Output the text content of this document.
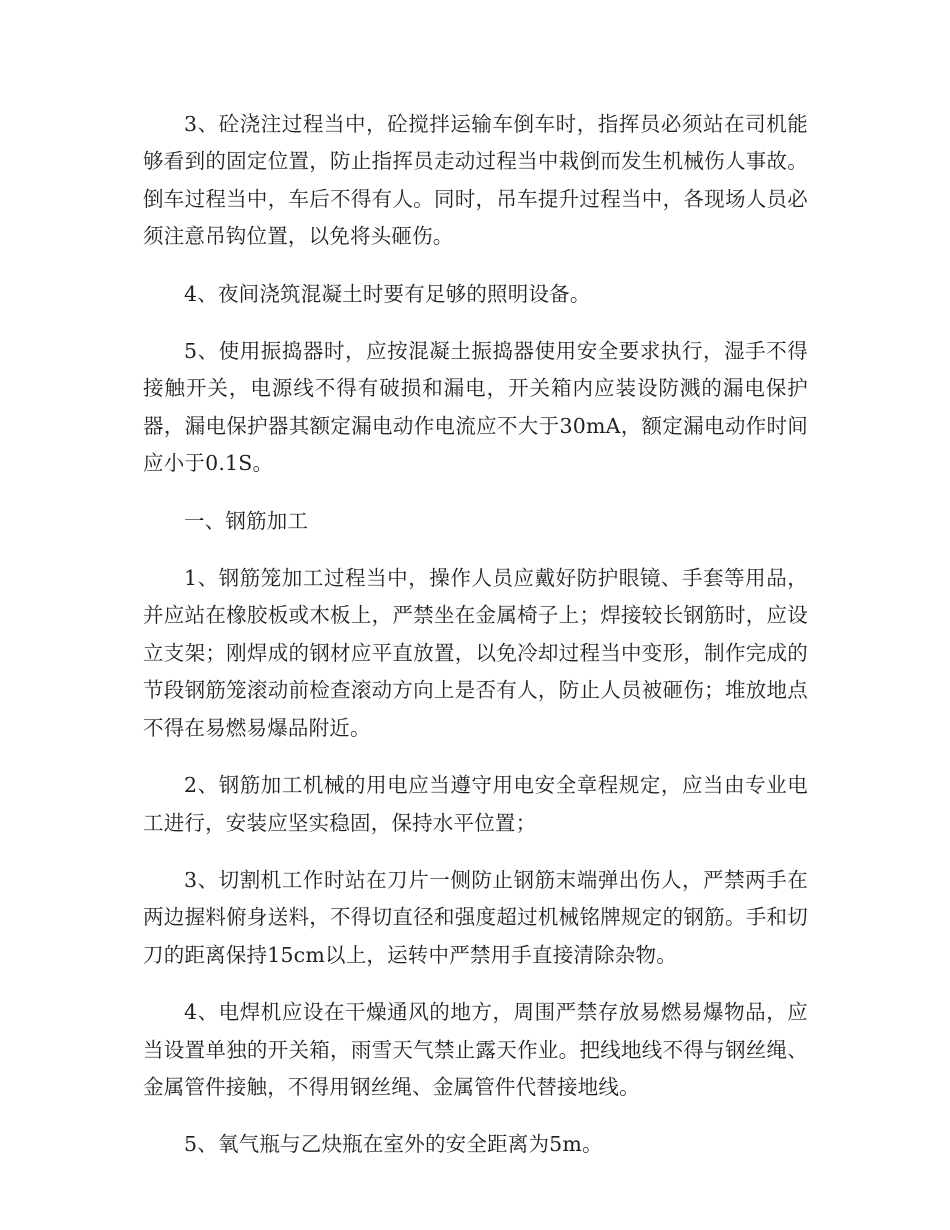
3、砼浇注过程当中，砼搅拌运输车倒车时，指挥员必须站在司机能够看到的固定位置，防止指挥员走动过程当中栽倒而发生机械伤人事故。倒车过程当中，车后不得有人。同时，吊车提升过程当中，各现场人员必须注意吊钩位置，以免将头砸伤。

4、夜间浇筑混凝土时要有足够的照明设备。

5、使用振捣器时，应按混凝土振捣器使用安全要求执行，湿手不得接触开关，电源线不得有破损和漏电，开关箱内应装设防溅的漏电保护器，漏电保护器其额定漏电动作电流应不大于30mA，额定漏电动作时间应小于0.1S。

一、钢筋加工

1、钢筋笼加工过程当中，操作人员应戴好防护眼镜、手套等用品，并应站在橡胶板或木板上，严禁坐在金属椅子上；焊接较长钢筋时，应设立支架；刚焊成的钢材应平直放置，以免冷却过程当中变形，制作完成的节段钢筋笼滚动前检查滚动方向上是否有人，防止人员被砸伤；堆放地点不得在易燃易爆品附近。

2、钢筋加工机械的用电应当遵守用电安全章程规定，应当由专业电工进行，安装应坚实稳固，保持水平位置；

3、切割机工作时站在刀片一侧防止钢筋末端弹出伤人，严禁两手在两边握料俯身送料，不得切直径和强度超过机械铭牌规定的钢筋。手和切刀的距离保持15cm以上，运转中严禁用手直接清除杂物。

4、电焊机应设在干燥通风的地方，周围严禁存放易燃易爆物品，应当设置单独的开关箱，雨雪天气禁止露天作业。把线地线不得与钢丝绳、金属管件接触，不得用钢丝绳、金属管件代替接地线。

5、氧气瓶与乙炔瓶在室外的安全距离为5m。
